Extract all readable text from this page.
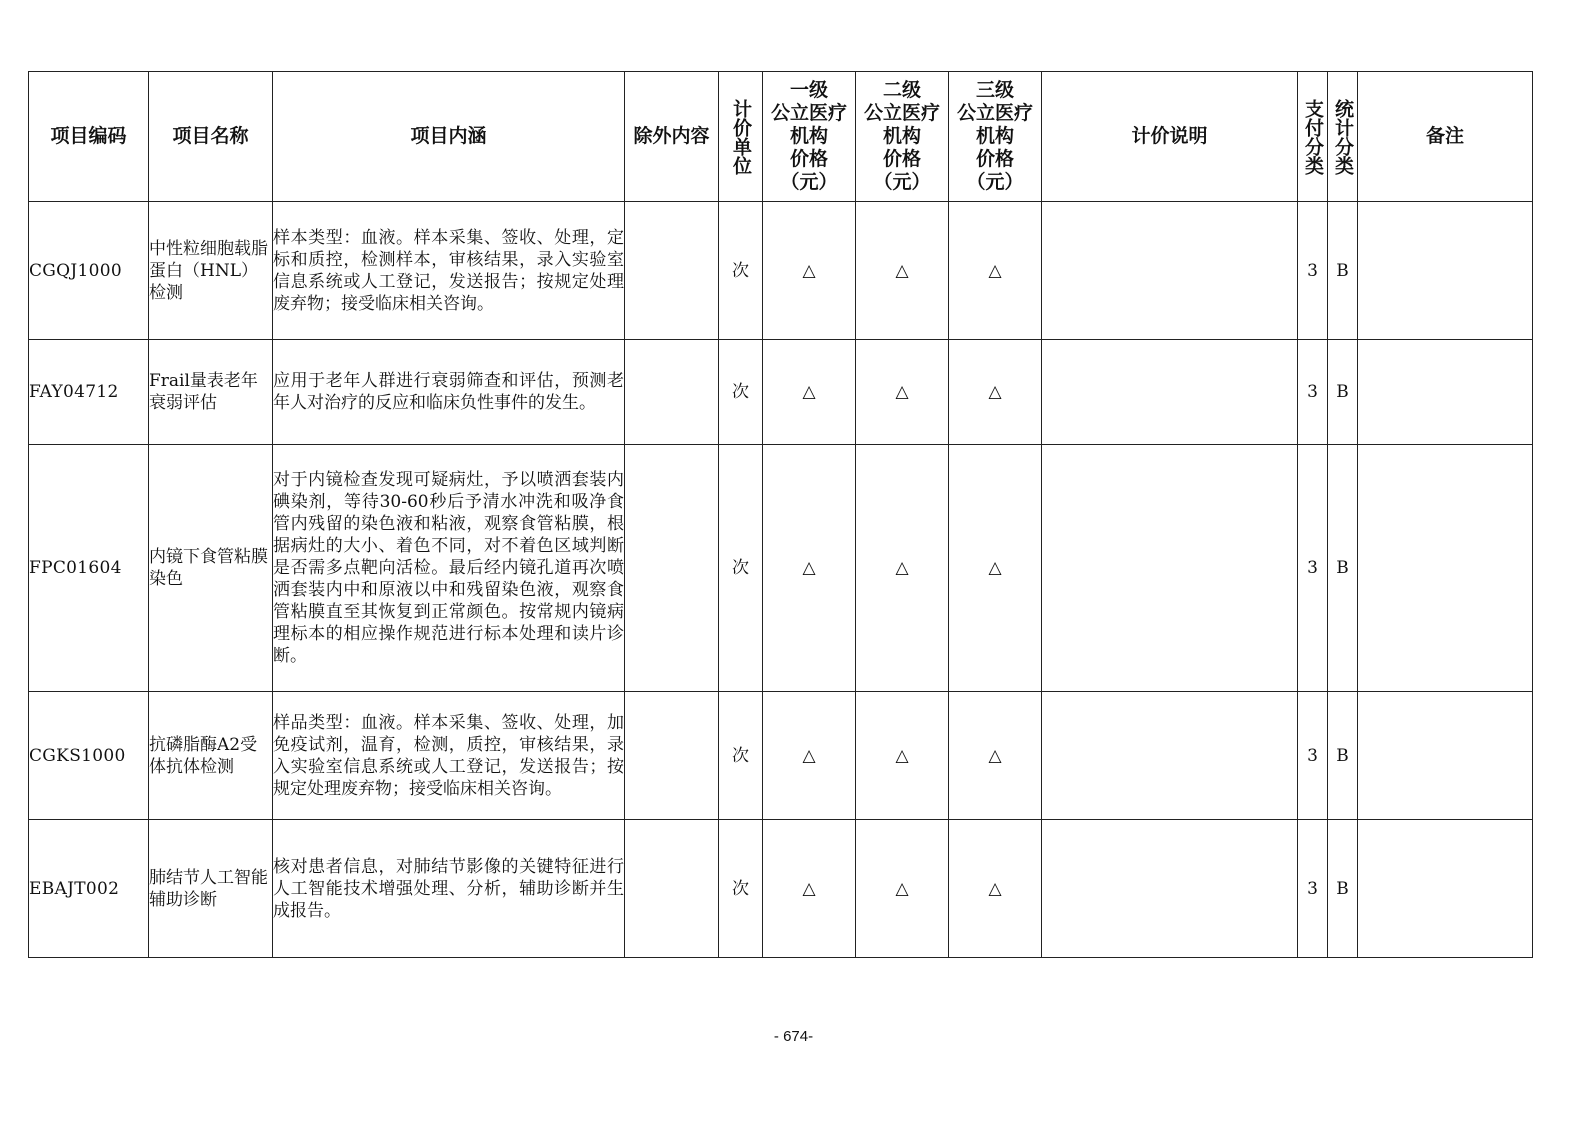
项目编码	项目名称	项目内涵	除外内容	计价单位	一级
公立医疗
机构
价格
（元）	二级
公立医疗
机构
价格
（元）	三级
公立医疗
机构
价格
（元）	计价说明	支付分类	统计分类	备注
CGQJ1000	中性粒细胞载脂蛋白（HNL）检测	样本类型：血液。样本采集、签收、处理，定标和质控，检测样本，审核结果，录入实验室信息系统或人工登记，发送报告；按规定处理废弃物；接受临床相关咨询。		次	△	△	△		3	B	
FAY04712	Frail量表老年衰弱评估	应用于老年人群进行衰弱筛查和评估，预测老年人对治疗的反应和临床负性事件的发生。		次	△	△	△		3	B	
FPC01604	内镜下食管粘膜染色	对于内镜检查发现可疑病灶，予以喷洒套装内碘染剂，等待30-60秒后予清水冲洗和吸净食管内残留的染色液和粘液，观察食管粘膜，根据病灶的大小、着色不同，对不着色区域判断是否需多点靶向活检。最后经内镜孔道再次喷洒套装内中和原液以中和残留染色液，观察食管粘膜直至其恢复到正常颜色。按常规内镜病理标本的相应操作规范进行标本处理和读片诊断。		次	△	△	△		3	B	
CGKS1000	抗磷脂酶A2受体抗体检测	样品类型：血液。样本采集、签收、处理，加免疫试剂，温育，检测，质控，审核结果，录入实验室信息系统或人工登记，发送报告；按规定处理废弃物；接受临床相关咨询。		次	△	△	△		3	B	
EBAJT002	肺结节人工智能辅助诊断	核对患者信息，对肺结节影像的关键特征进行人工智能技术增强处理、分析，辅助诊断并生成报告。		次	△	△	△		3	B	
- 674-
